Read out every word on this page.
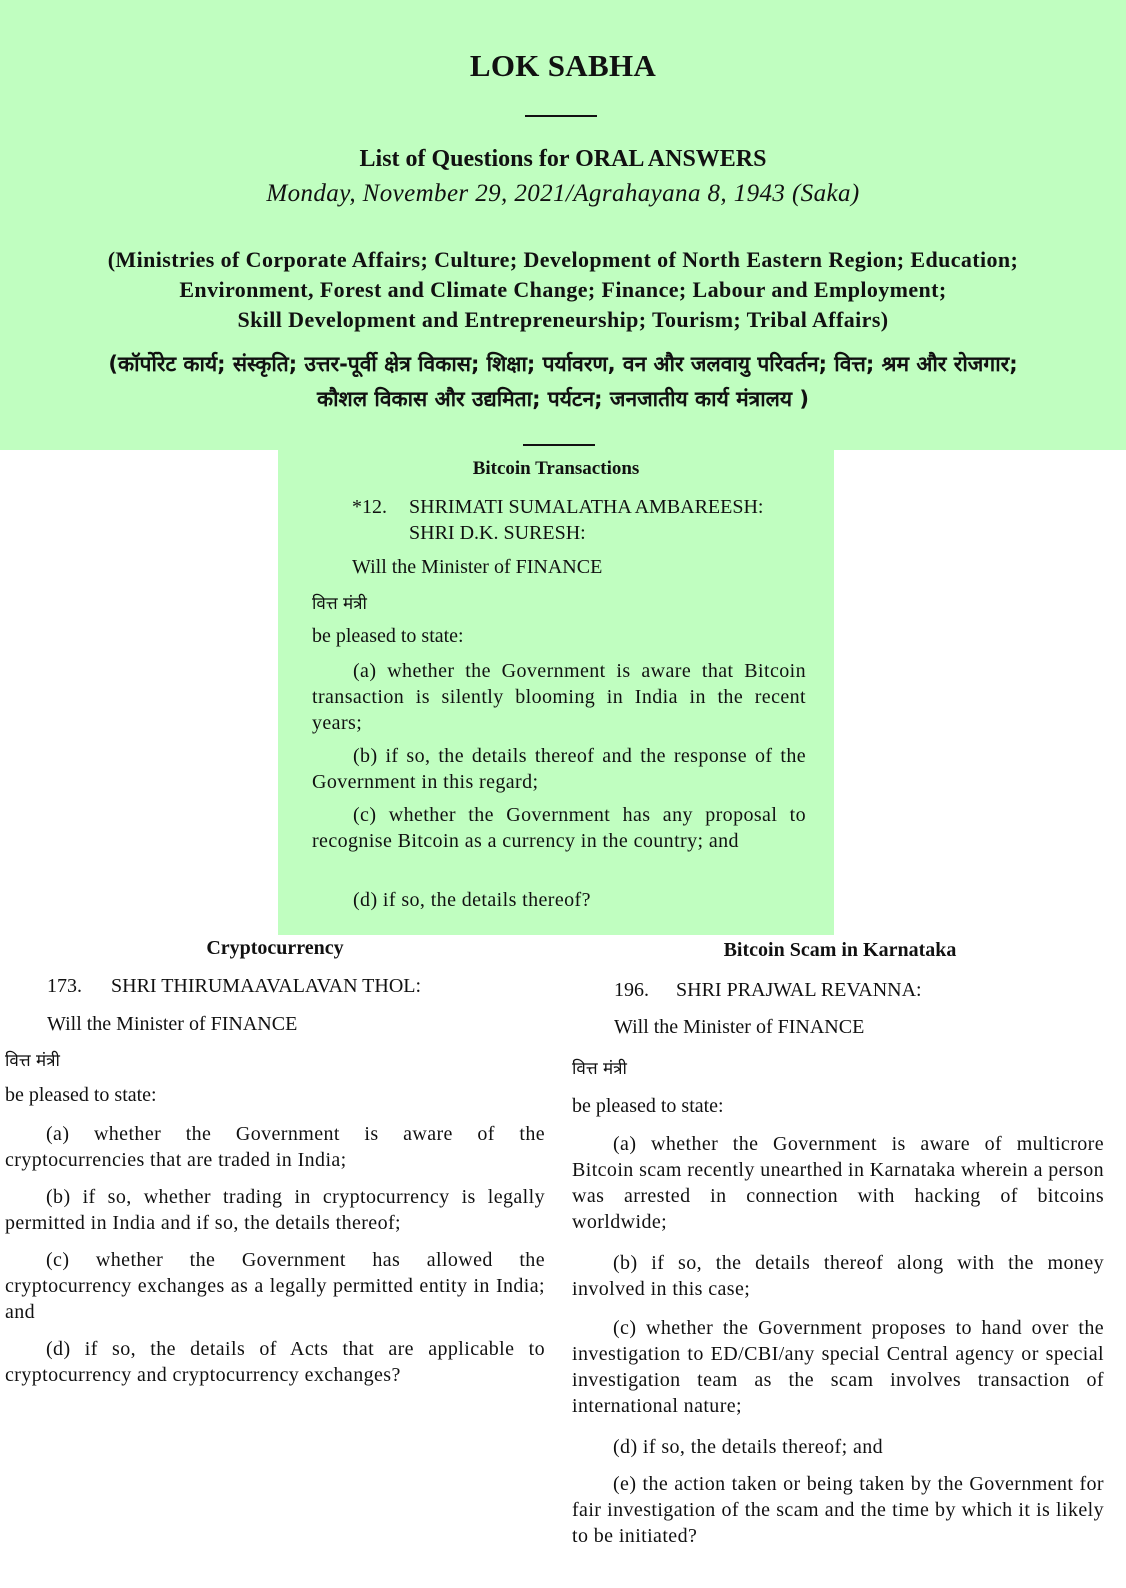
LOK SABHA
List of Questions for ORAL ANSWERS
Monday, November 29, 2021/Agrahayana 8, 1943 (Saka)
(Ministries of Corporate Affairs; Culture; Development of North Eastern Region; Education;
Environment, Forest and Climate Change; Finance; Labour and Employment;
Skill Development and Entrepreneurship; Tourism; Tribal Affairs)
(कॉर्पोरेट कार्य; संस्कृति; उत्तर-पूर्वी क्षेत्र विकास; शिक्षा; पर्यावरण, वन और जलवायु परिवर्तन; वित्त; श्रम और रोजगार;
कौशल विकास और उद्यमिता; पर्यटन; जनजातीय कार्य मंत्रालय )
Bitcoin Transactions
*12. SHRIMATI SUMALATHA AMBAREESH:
SHRI D.K. SURESH:
Will the Minister of FINANCE
वित्त मंत्री
be pleased to state:
(a) whether the Government is aware that Bitcoin transaction is silently blooming in India in the recent years;
(b) if so, the details thereof and the response of the Government in this regard;
(c) whether the Government has any proposal to recognise Bitcoin as a currency in the country; and
(d) if so, the details thereof?
Cryptocurrency
173. SHRI THIRUMAAVALAVAN THOL:
Will the Minister of FINANCE
वित्त मंत्री
be pleased to state:
(a) whether the Government is aware of the cryptocurrencies that are traded in India;
(b) if so, whether trading in cryptocurrency is legally permitted in India and if so, the details thereof;
(c) whether the Government has allowed the cryptocurrency exchanges as a legally permitted entity in India; and
(d) if so, the details of Acts that are applicable to cryptocurrency and cryptocurrency exchanges?
Bitcoin Scam in Karnataka
196. SHRI PRAJWAL REVANNA:
Will the Minister of FINANCE
वित्त मंत्री
be pleased to state:
(a) whether the Government is aware of multicrore Bitcoin scam recently unearthed in Karnataka wherein a person was arrested in connection with hacking of bitcoins worldwide;
(b) if so, the details thereof along with the money involved in this case;
(c) whether the Government proposes to hand over the investigation to ED/CBI/any special Central agency or special investigation team as the scam involves transaction of international nature;
(d) if so, the details thereof; and
(e) the action taken or being taken by the Government for fair investigation of the scam and the time by which it is likely to be initiated?
